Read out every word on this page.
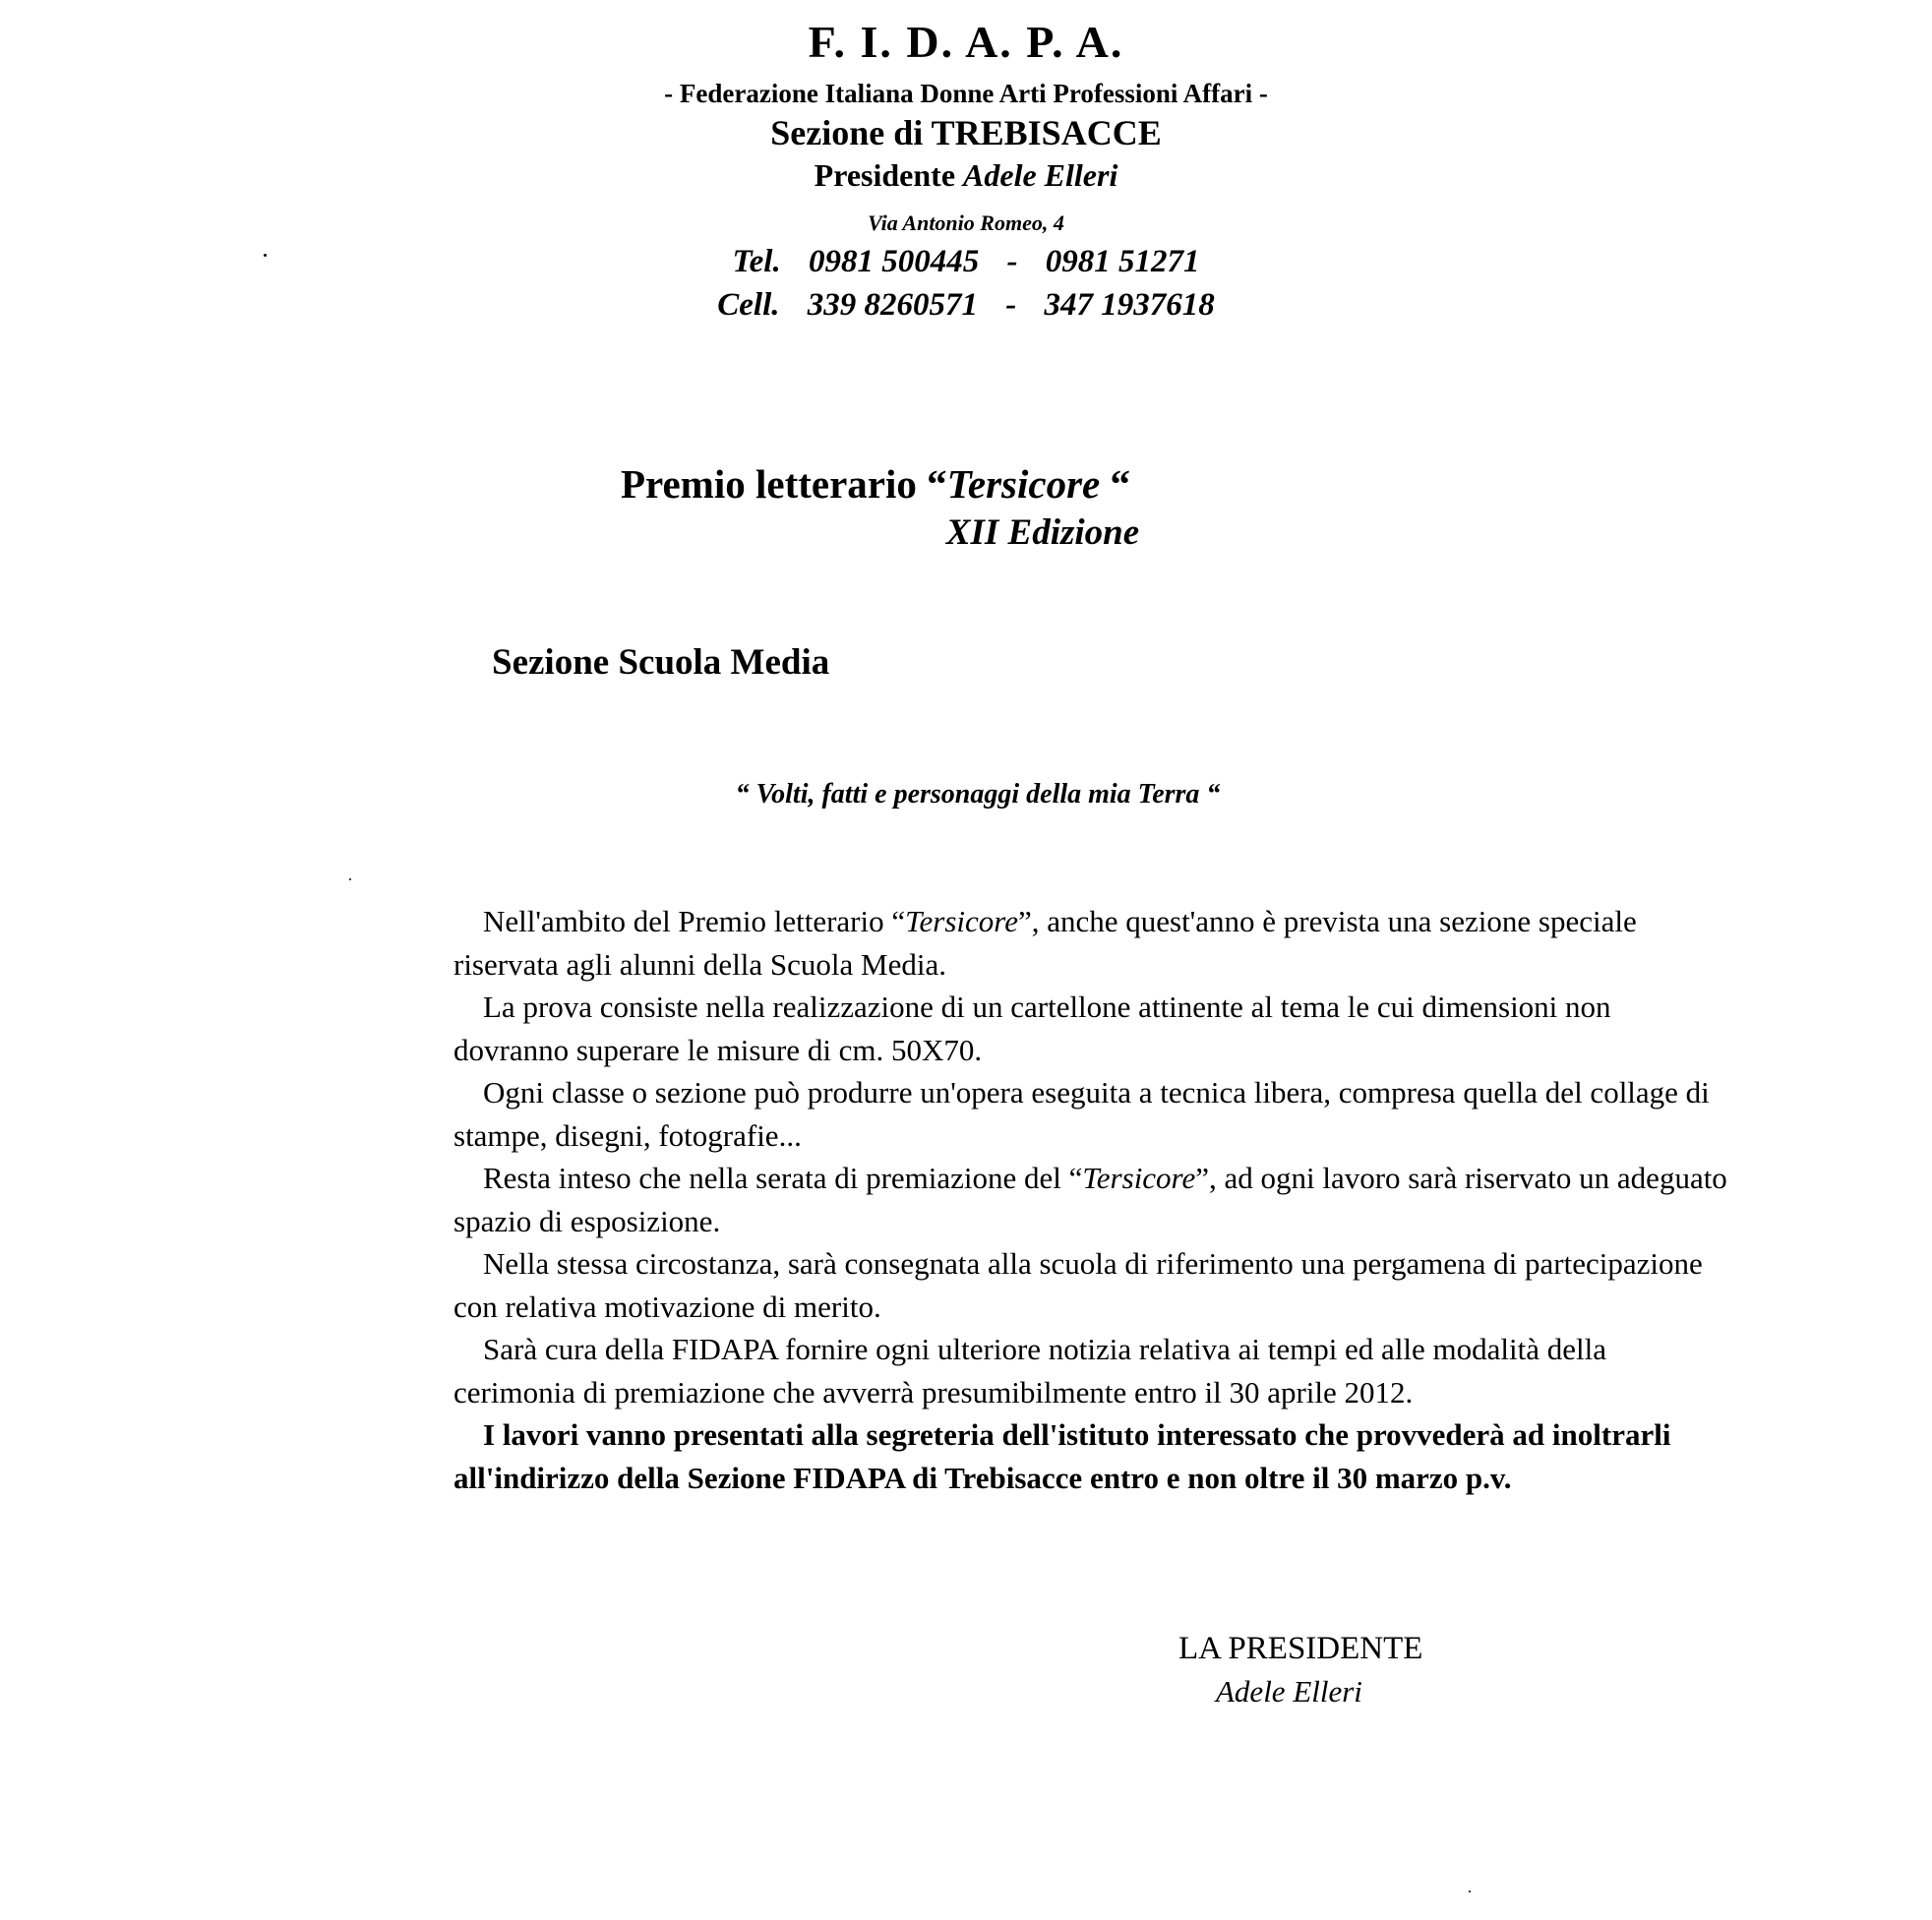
F. I. D. A. P. A.
- Federazione Italiana Donne Arti Professioni Affari -
Sezione di TREBISACCE
Presidente Adele Elleri
Via Antonio Romeo, 4
Tel. 0981 500445 - 0981 51271
Cell. 339 8260571 - 347 1937618
Premio letterario “Tersicore “
XII Edizione
Sezione Scuola Media
“ Volti, fatti e personaggi della mia Terra “

Nell'ambito del Premio letterario “Tersicore”, anche quest'anno è prevista una sezione speciale riservata agli alunni della Scuola Media.

La prova consiste nella realizzazione di un cartellone attinente al tema le cui dimensioni non dovranno superare le misure di cm. 50X70.

Ogni classe o sezione può produrre un'opera eseguita a tecnica libera, compresa quella del collage di stampe, disegni, fotografie...

Resta inteso che nella serata di premiazione del “Tersicore”, ad ogni lavoro sarà riservato un adeguato spazio di esposizione.

Nella stessa circostanza, sarà consegnata alla scuola di riferimento una pergamena di partecipazione con relativa motivazione di merito.

Sarà cura della FIDAPA fornire ogni ulteriore notizia relativa ai tempi ed alle modalità della cerimonia di premiazione che avverrà presumibilmente entro il 30 aprile 2012.

I lavori vanno presentati alla segreteria dell'istituto interessato che provvederà ad inoltrarli all'indirizzo della Sezione FIDAPA di Trebisacce entro e non oltre il 30 marzo p.v.

LA PRESIDENTE
Adele Elleri
